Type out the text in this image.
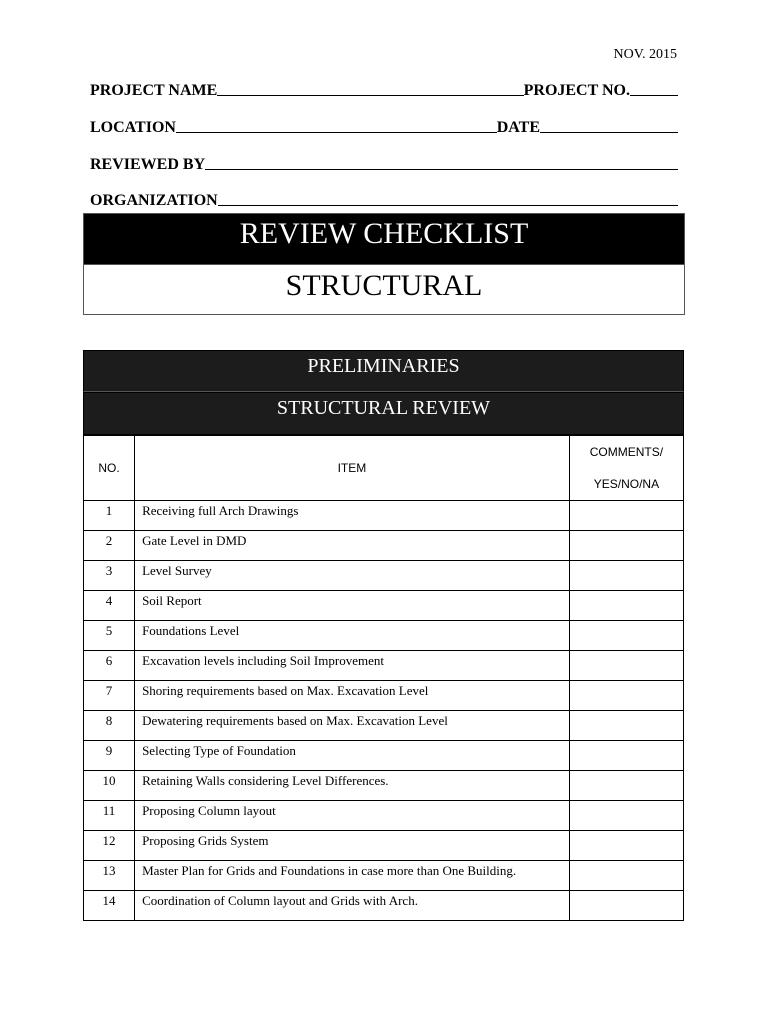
NOV. 2015
PROJECT NAME	PROJECT NO.
LOCATION	DATE
REVIEWED BY
ORGANIZATION
REVIEW CHECKLIST
STRUCTURAL
PRELIMINARIES
STRUCTURAL REVIEW
NO.	ITEM	COMMENTS/
YES/NO/NA

1	Receiving full Arch Drawings	
2	Gate Level in DMD	
3	Level Survey	
4	Soil Report	
5	Foundations Level	
6	Excavation levels including Soil Improvement	
7	Shoring requirements based on Max. Excavation Level	
8	Dewatering requirements based on Max. Excavation Level	
9	Selecting Type of Foundation	
10	Retaining Walls considering Level Differences.	
11	Proposing Column layout	
12	Proposing Grids System	
13	Master Plan for Grids and Foundations in case more than One Building.	
14	Coordination of Column layout and Grids with Arch.	
